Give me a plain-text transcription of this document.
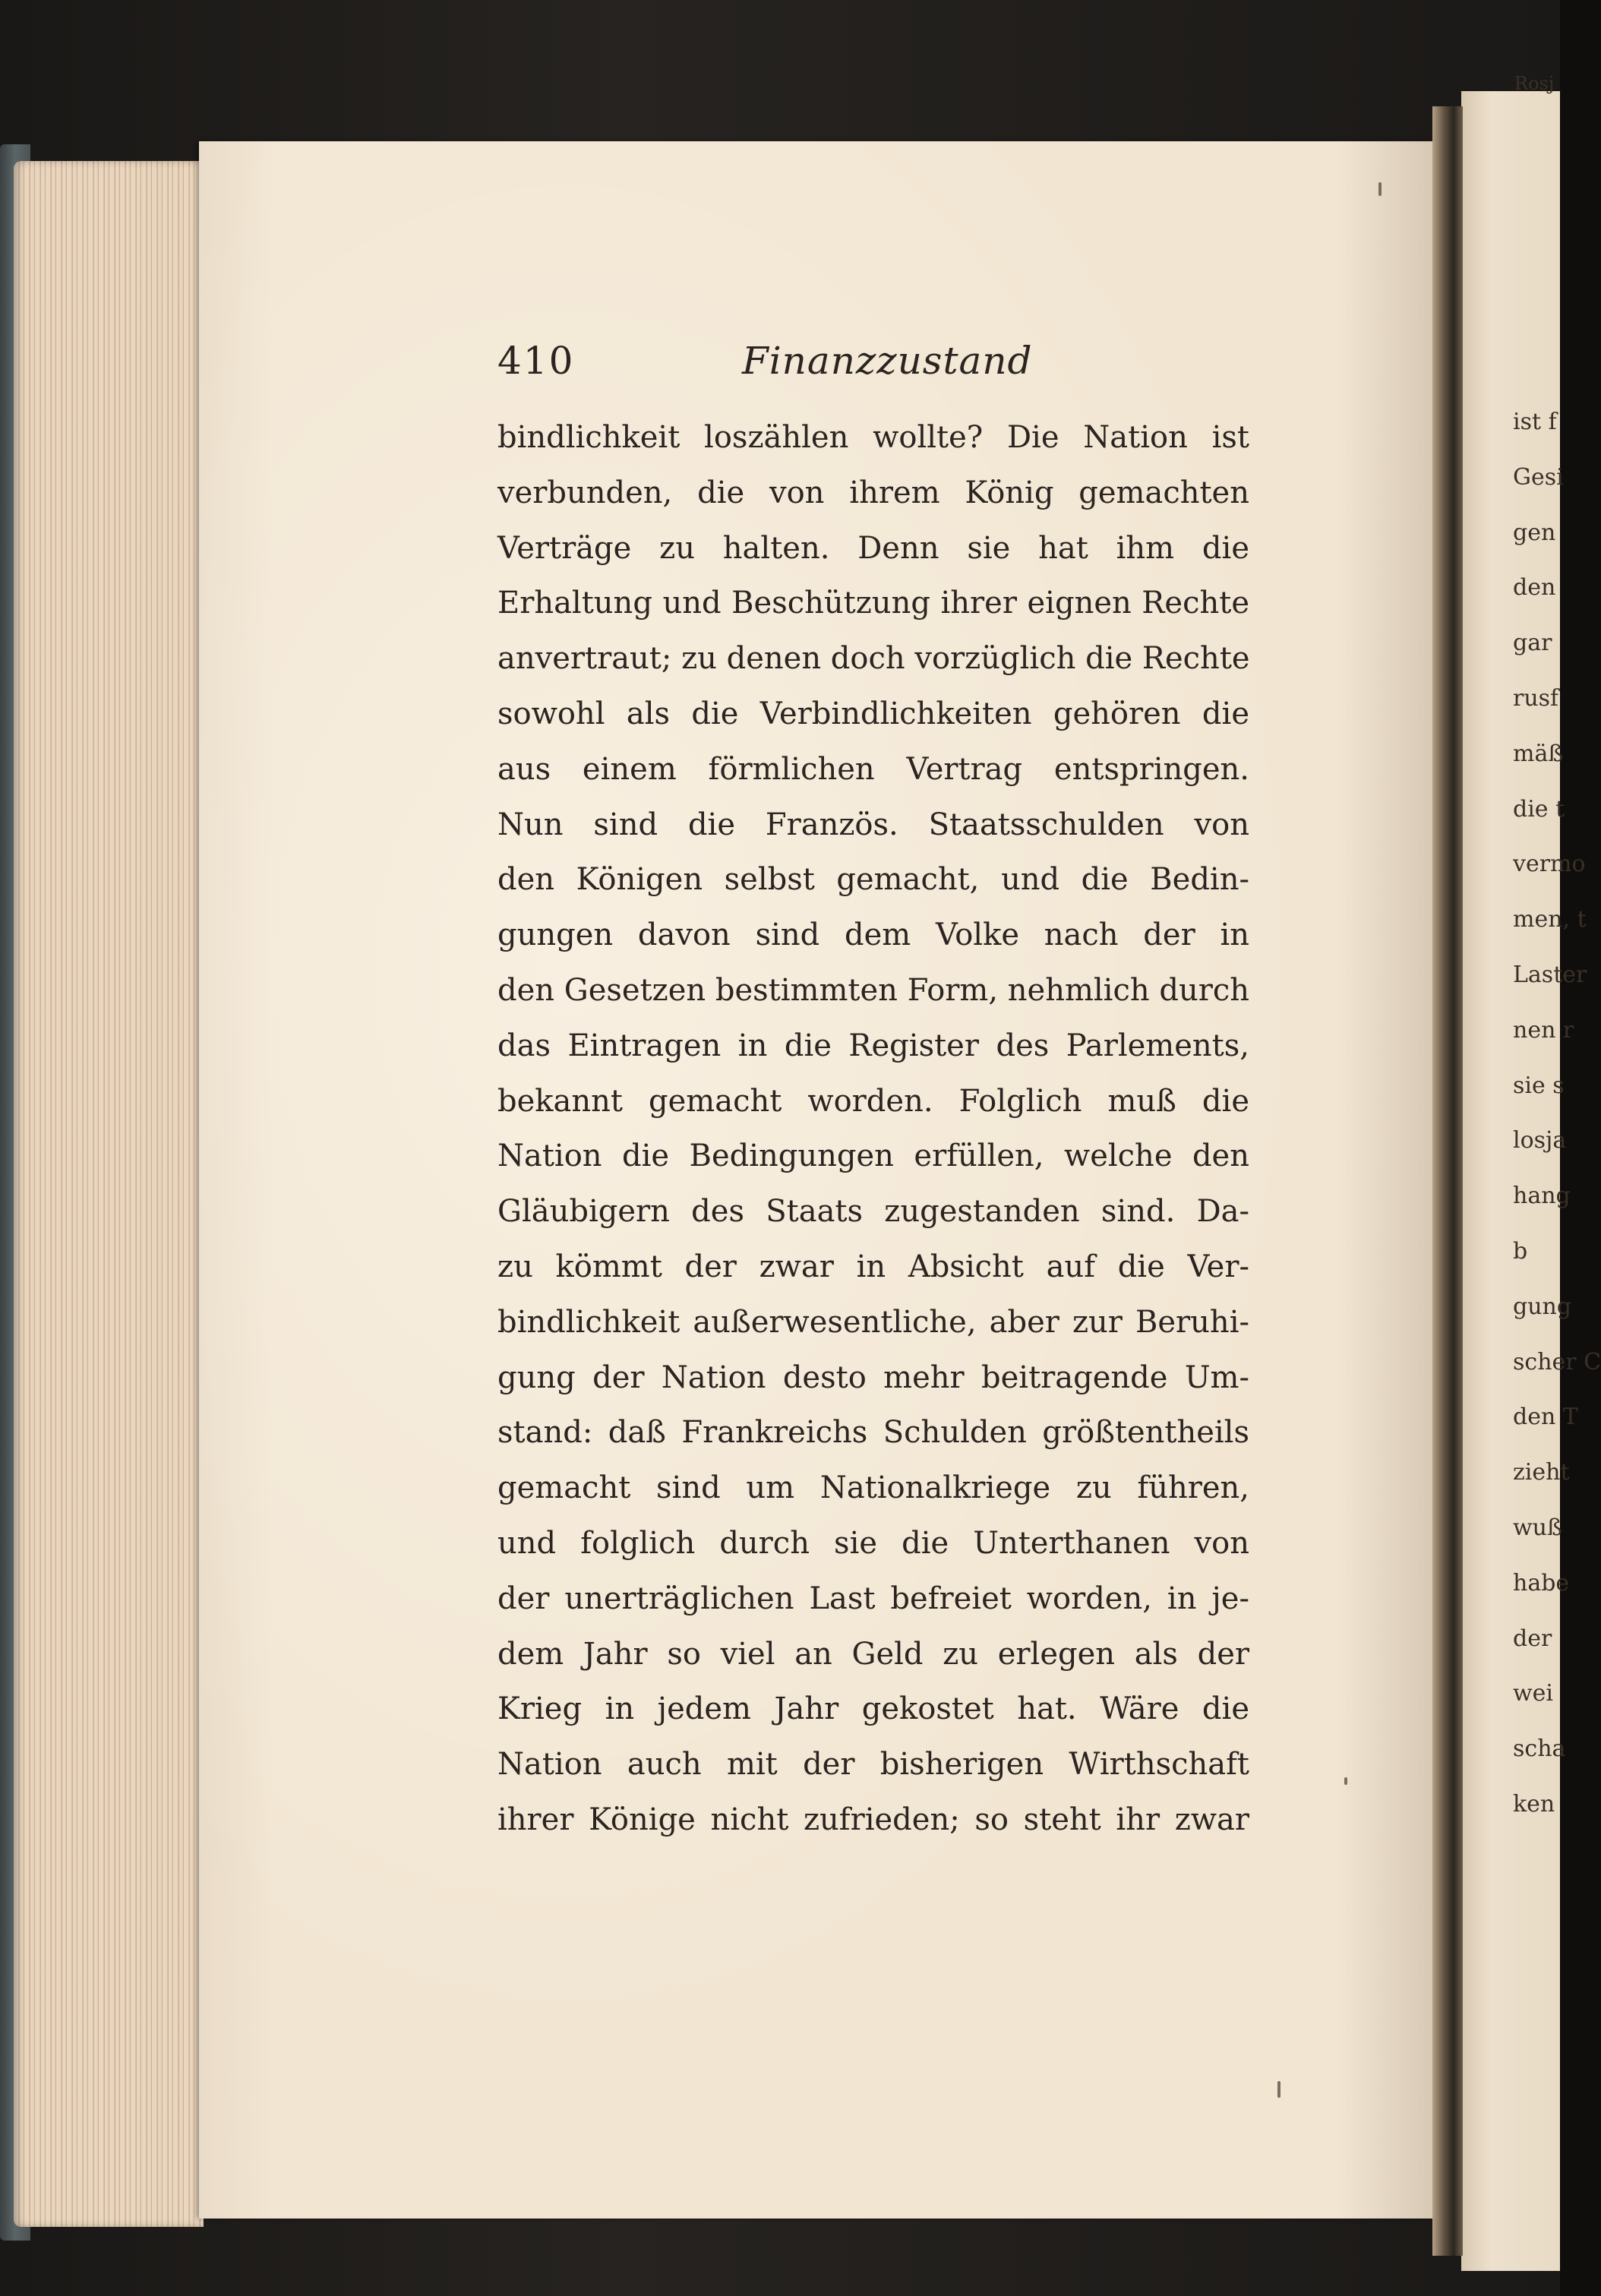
Rosj
410	Finanzzustand
bindlichkeit loszählen wollte? Die Nation ist
verbunden, die von ihrem König gemachten
Verträge zu halten. Denn sie hat ihm die
Erhaltung und Beschützung ihrer eignen Rechte
anvertraut; zu denen doch vorzüglich die Rechte
sowohl als die Verbindlichkeiten gehören die
aus einem förmlichen Vertrag entspringen.
Nun sind die Französ. Staatsschulden von
den Königen selbst gemacht, und die Bedin-
gungen davon sind dem Volke nach der in
den Gesetzen bestimmten Form, nehmlich durch
das Eintragen in die Register des Parlements,
bekannt gemacht worden. Folglich muß die
Nation die Bedingungen erfüllen, welche den
Gläubigern des Staats zugestanden sind. Da-
zu kömmt der zwar in Absicht auf die Ver-
bindlichkeit außerwesentliche, aber zur Beruhi-
gung der Nation desto mehr beitragende Um-
stand: daß Frankreichs Schulden größtentheils
gemacht sind um Nationalkriege zu führen,
und folglich durch sie die Unterthanen von
der unerträglichen Last befreiet worden, in je-
dem Jahr so viel an Geld zu erlegen als der
Krieg in jedem Jahr gekostet hat. Wäre die
Nation auch mit der bisherigen Wirthschaft
ihrer Könige nicht zufrieden; so steht ihr zwar
ist f
Gesi
gen
den
gar
rusf
mäß
die t
vermo
men, t
Laster
nen r
sie s
losja
hang
b
gung
scher C
den T
zieht
wuß
habe
der
wei
scha
ken
